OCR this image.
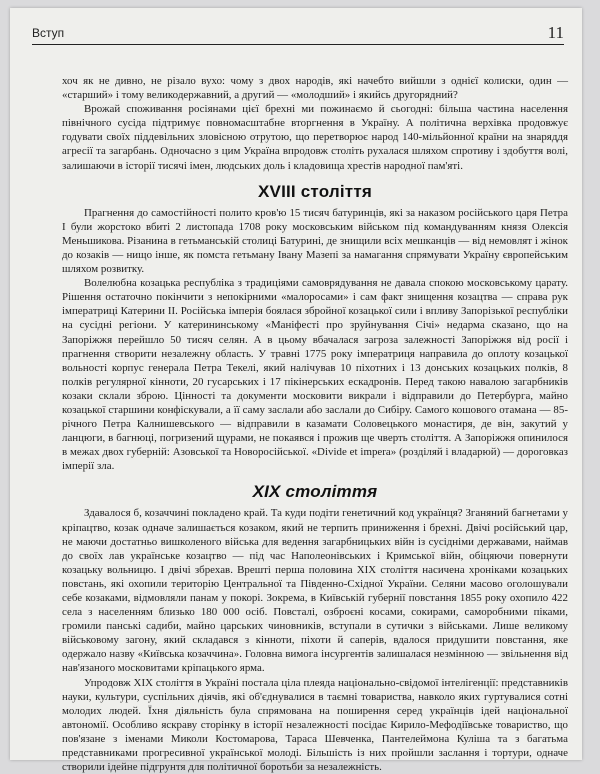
Вступ	11

хоч як не дивно, не різало вухо: чому з двох народів, які начебто вийшли з однієї колиски, один — «старший» і тому великодержавний, а другий — «молодший» і якийсь другорядний?

Врожай споживання росіянами цієї брехні ми пожинаємо й сьогодні: більша частина населення північного сусіда підтримує повномасштабне вторгнення в Україну. А політична верхівка продовжує годувати своїх піддевільних зловісною отрутою, що перетворює народ 140-мільйонної країни на знаряддя агресії та загарбань. Одночасно з цим Україна впродовж століть рухалася шляхом спротиву і здобуття волі, залишаючи в історії тисячі імен, людських доль і кладовища хрестів народної пам'яті.

XVIII століття

Прагнення до самостійності полито кров'ю 15 тисяч батуринців, які за наказом російського царя Петра I були жорстоко вбиті 2 листопада 1708 року московським військом під командуванням князя Олексія Меньшикова. Різанина в гетьманській столиці Батурині, де знищили всіх мешканців — від немовлят і жінок до козаків — нищо інше, як помста гетьману Івану Мазепі за намагання спрямувати Україну європейським шляхом розвитку.

Волелюбна козацька республіка з традиціями самоврядування не давала спокою московському царату. Рішення остаточно покінчити з непокірними «малоросами» і сам факт знищення козацтва — справа рук імператриці Катерини II. Російська імперія боялася збройної козацької сили і впливу Запорізької республіки на сусідні регіони. У катерининському «Маніфесті про зруйнування Січі» недарма сказано, що на Запоріжжя перейшло 50 тисяч селян. А в цьому вбачалася загроза залежності Запоріжжя від росії і прагнення створити незалежну область. У травні 1775 року імператриця направила до оплоту козацької вольності корпус генерала Петра Текелі, який налічував 10 піхотних і 13 донських козацьких полків, 8 полків регулярної кінноти, 20 гусарських і 17 пікінерських ескадронів. Перед такою навалою загарбників козаки склали зброю. Цінності та документи московити викрали і відправили до Петербурга, майно козацької старшини конфіскували, а її саму заслали або заслали до Сибіру. Самого кошового отамана — 85-річного Петра Калнишевського — відправили в казамати Соловецького монастиря, де він, закутий у ланцюги, в багнюці, погризений щурами, не покаявся і прожив ще чверть століття. А Запоріжжя опинилося в межах двох губерній: Азовської та Новоросійської. «Divide et impera» (розділяй і владарюй) — дороговказ імперії зла.

XIX століття

Здавалося б, козаччині покладено край. Та куди подіти генетичний код українця? Зганяний багнетами у кріпацтво, козак одначе залишається козаком, який не терпить приниження і брехні. Двічі російський цар, не маючи достатньо вишколеного війська для ведення загарбницьких війн із сусідніми державами, наймав до своїх лав українське козацтво — під час Наполеонівських і Кримської війн, обіцяючи повернути козацьку вольницю. І двічі збрехав. Врешті перша половина XIX століття насичена хроніками козацьких повстань, які охопили територію Центральної та Південно-Східної України. Селяни масово оголошували себе козаками, відмовляли панам у покорі. Зокрема, в Київській губернії повстання 1855 року охопило 422 села з населенням близько 180 000 осіб. Повсталі, озброєні косами, сокирами, саморобними піками, громили панські садиби, майно царських чиновників, вступали в сутички з військами. Лише великому військовому загону, який складався з кінноти, піхоти й саперів, вдалося придушити повстання, яке одержало назву «Київська козаччина». Головна вимога інсургентів залишалася незмінною — звільнення від нав'язаного московитами кріпацького ярма.

Упродовж XIX століття в Україні постала ціла плеяда національно-свідомої інтелігенції: представників науки, культури, суспільних діячів, які об'єднувалися в таємні товариства, навколо яких гуртувалися сотні молодих людей. Їхня діяльність була спрямована на поширення серед українців ідей національної автономії. Особливо яскраву сторінку в історії незалежності посідає Кирило-Мефодіївське товариство, що пов'язане з іменами Миколи Костомарова, Тараса Шевченка, Пантелеймона Куліша та з багатьма представниками прогресивної української молоді. Більшість із них пройшли заслання і тортури, одначе створили ідейне підгрунтя для політичної боротьби за незалежність.
